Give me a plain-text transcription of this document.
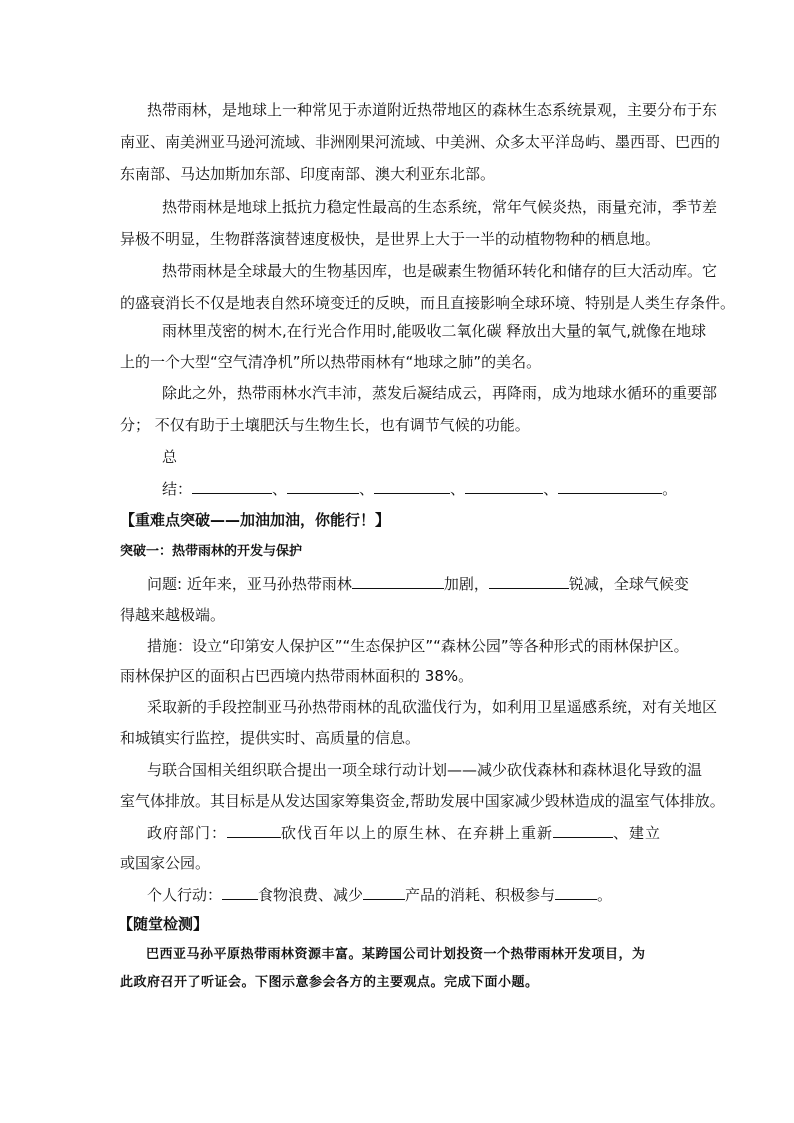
热带雨林，是地球上一种常见于赤道附近热带地区的森林生态系统景观，主要分布于东
南亚、南美洲亚马逊河流域、非洲刚果河流域、中美洲、众多太平洋岛屿、墨西哥、巴西的
东南部、马达加斯加东部、印度南部、澳大利亚东北部。
热带雨林是地球上抵抗力稳定性最高的生态系统，常年气候炎热，雨量充沛，季节差
异极不明显，生物群落演替速度极快，是世界上大于一半的动植物物种的栖息地。
热带雨林是全球最大的生物基因库，也是碳素生物循环转化和储存的巨大活动库。它
的盛衰消长不仅是地表自然环境变迁的反映，而且直接影响全球环境、特别是人类生存条件。
雨林里茂密的树木,在行光合作用时,能吸收二氧化碳 释放出大量的氧气,就像在地球
上的一个大型“空气清净机”所以热带雨林有“地球之肺”的美名。
除此之外，热带雨林水汽丰沛，蒸发后凝结成云，再降雨，成为地球水循环的重要部
分； 不仅有助于土壤肥沃与生物生长，也有调节气候的功能。
总
结：	、	、	、	、	。
【重难点突破——加油加油，你能行！】
突破一：热带雨林的开发与保护
问题: 近年来，亚马孙热带雨林	加剧，	锐减，全球气候变
得越来越极端。
措施：设立“印第安人保护区”“生态保护区”“森林公园”等各种形式的雨林保护区。
雨林保护区的面积占巴西境内热带雨林面积的 38%。
采取新的手段控制亚马孙热带雨林的乱砍滥伐行为，如利用卫星遥感系统，对有关地区
和城镇实行监控，提供实时、高质量的信息。
与联合国相关组织联合提出一项全球行动计划——减少砍伐森林和森林退化导致的温
室气体排放。其目标是从发达国家筹集资金,帮助发展中国家减少毁林造成的温室气体排放。
政府部门：	砍伐百年以上的原生林、在弃耕上重新	、建立
或国家公园。
个人行动： 食物浪费、减少	产品的消耗、积极参与	。
【随堂检测】
巴西亚马孙平原热带雨林资源丰富。某跨国公司计划投资一个热带雨林开发项目，为
此政府召开了听证会。下图示意参会各方的主要观点。完成下面小题。
